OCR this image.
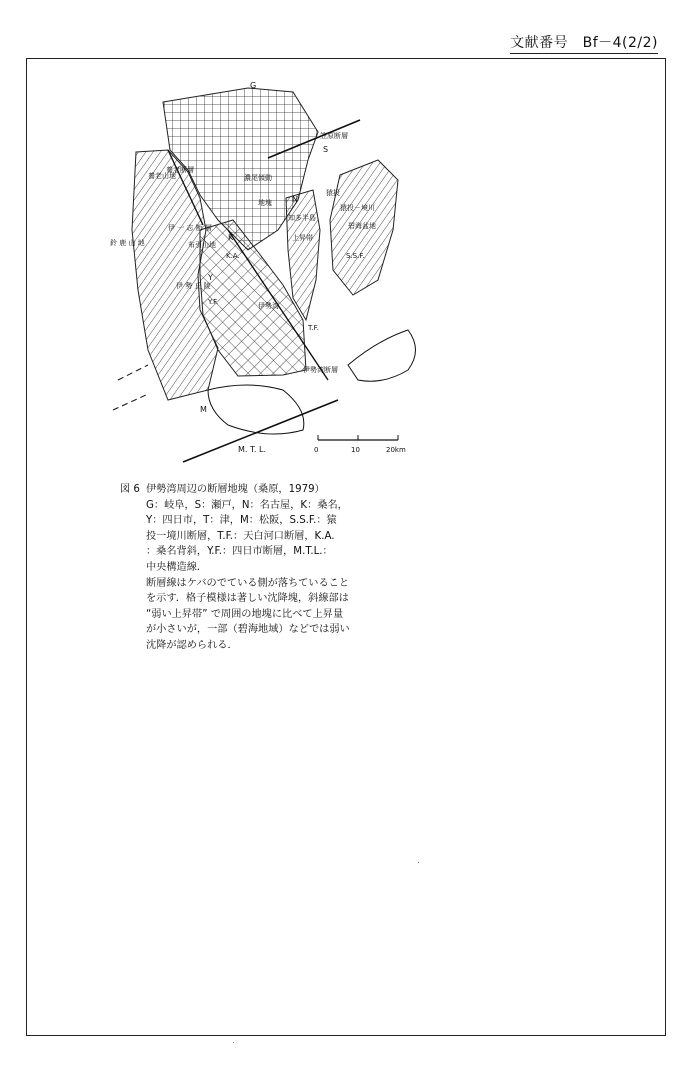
文献番号　Bf－4(2/2)
G
S
N
K
Y
M
Y.F.
T.F.
K.A.	S.S.F.
M. T. L.
笠原断層
養老断層
養老山地	濃尾傾動
地塊
知多半島
上昇帯
猿投
猿投－境川
碧海盆地
伊 一 志 断 層
鈴 鹿 山 地	布引山地
伊 勢 丘 陵
伊勢湾
伊勢湾断層
0	10	20km
図 6 伊勢湾周辺の断層地塊（桑原，1979）

G：岐阜，S：瀬戸，N：名古屋，K：桑名，

Y：四日市，T：津，M：松阪，S.S.F.：猿

投一境川断層，T.F.：天白河口断層，K.A.

：桑名背斜，Y.F.：四日市断層，M.T.L.：

中央構造線．

断層線はケバのでている側が落ちていること

を示す．格子模様は著しい沈降塊，斜線部は

“弱い上昇帯” で周囲の地塊に比べて上昇量

が小さいが，一部（碧海地域）などでは弱い

沈降が認められる．
